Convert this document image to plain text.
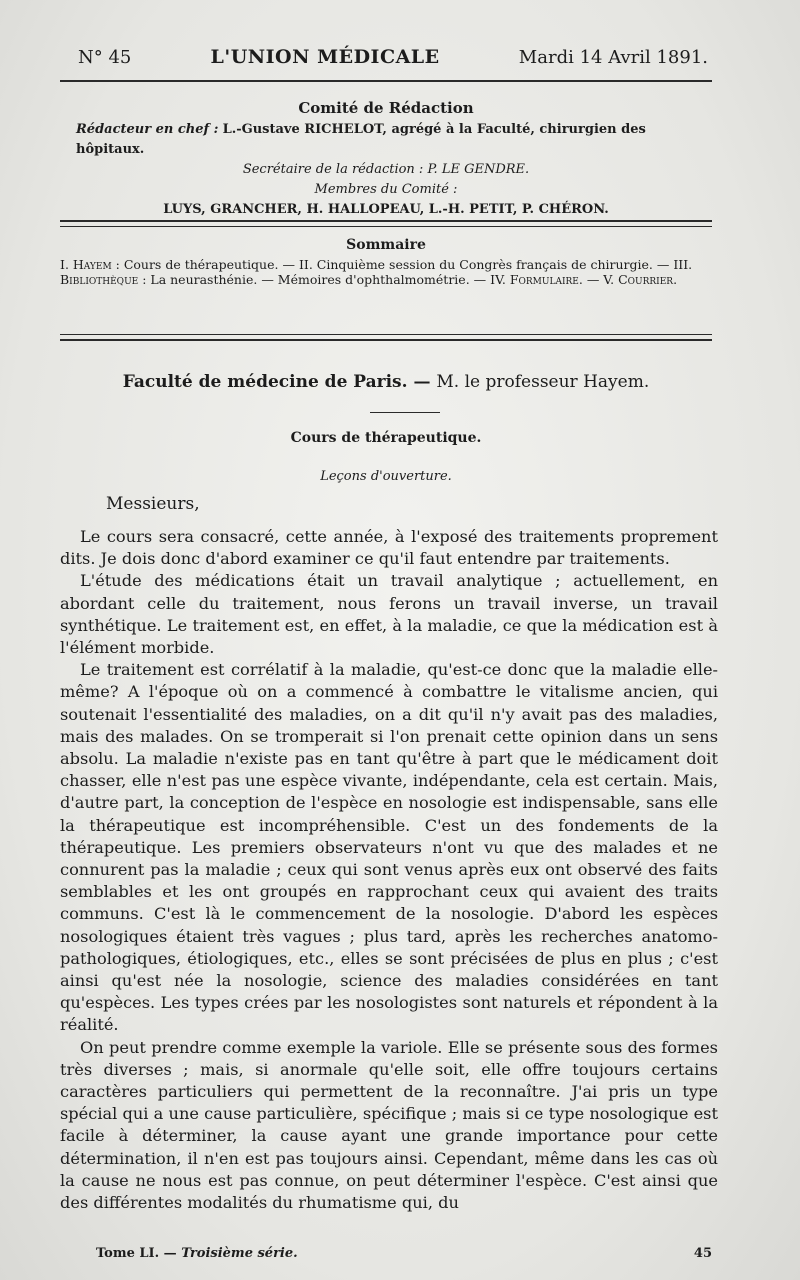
N° 45	L'UNION MÉDICALE	Mardi 14 Avril 1891.
Comité de Rédaction
Rédacteur en chef : L.-Gustave RICHELOT, agrégé à la Faculté, chirurgien des hôpitaux.
Secrétaire de la rédaction : P. LE GENDRE.
Membres du Comité :
LUYS, GRANCHER, H. HALLOPEAU, L.-H. PETIT, P. CHÉRON.
Sommaire
I. Hayem : Cours de thérapeutique. — II. Cinquième session du Congrès français de chirurgie. — III. Bibliothèque : La neurasthénie. — Mémoires d'ophthalmométrie. — IV. Formulaire. — V. Courrier.
Faculté de médecine de Paris. — M. le professeur Hayem.
Cours de thérapeutique.
Leçons d'ouverture.
Messieurs,

Le cours sera consacré, cette année, à l'exposé des traitements proprement dits. Je dois donc d'abord examiner ce qu'il faut entendre par traitements.

L'étude des médications était un travail analytique ; actuellement, en abordant celle du traitement, nous ferons un travail inverse, un travail synthétique. Le traitement est, en effet, à la maladie, ce que la médication est à l'élément morbide.

Le traitement est corrélatif à la maladie, qu'est-ce donc que la maladie elle-même? A l'époque où on a commencé à combattre le vitalisme ancien, qui soutenait l'essentialité des maladies, on a dit qu'il n'y avait pas des maladies, mais des malades. On se tromperait si l'on prenait cette opinion dans un sens absolu. La maladie n'existe pas en tant qu'être à part que le médicament doit chasser, elle n'est pas une espèce vivante, indépendante, cela est certain. Mais, d'autre part, la conception de l'espèce en nosologie est indispensable, sans elle la thérapeutique est incompréhensible. C'est un des fondements de la thérapeutique. Les premiers observateurs n'ont vu que des malades et ne connurent pas la maladie ; ceux qui sont venus après eux ont observé des faits semblables et les ont groupés en rapprochant ceux qui avaient des traits communs. C'est là le commencement de la nosologie. D'abord les espèces nosologiques étaient très vagues ; plus tard, après les recherches anatomo-pathologiques, étiologiques, etc., elles se sont précisées de plus en plus ; c'est ainsi qu'est née la nosologie, science des maladies considérées en tant qu'espèces. Les types crées par les nosologistes sont naturels et répondent à la réalité.

On peut prendre comme exemple la variole. Elle se présente sous des formes très diverses ; mais, si anormale qu'elle soit, elle offre toujours certains caractères particuliers qui permettent de la reconnaître. J'ai pris un type spécial qui a une cause particulière, spécifique ; mais si ce type nosologique est facile à déterminer, la cause ayant une grande importance pour cette détermination, il n'en est pas toujours ainsi. Cependant, même dans les cas où la cause ne nous est pas connue, on peut déterminer l'espèce. C'est ainsi que des différentes modalités du rhumatisme qui, du

Tome LI. — Troisième série.	45
